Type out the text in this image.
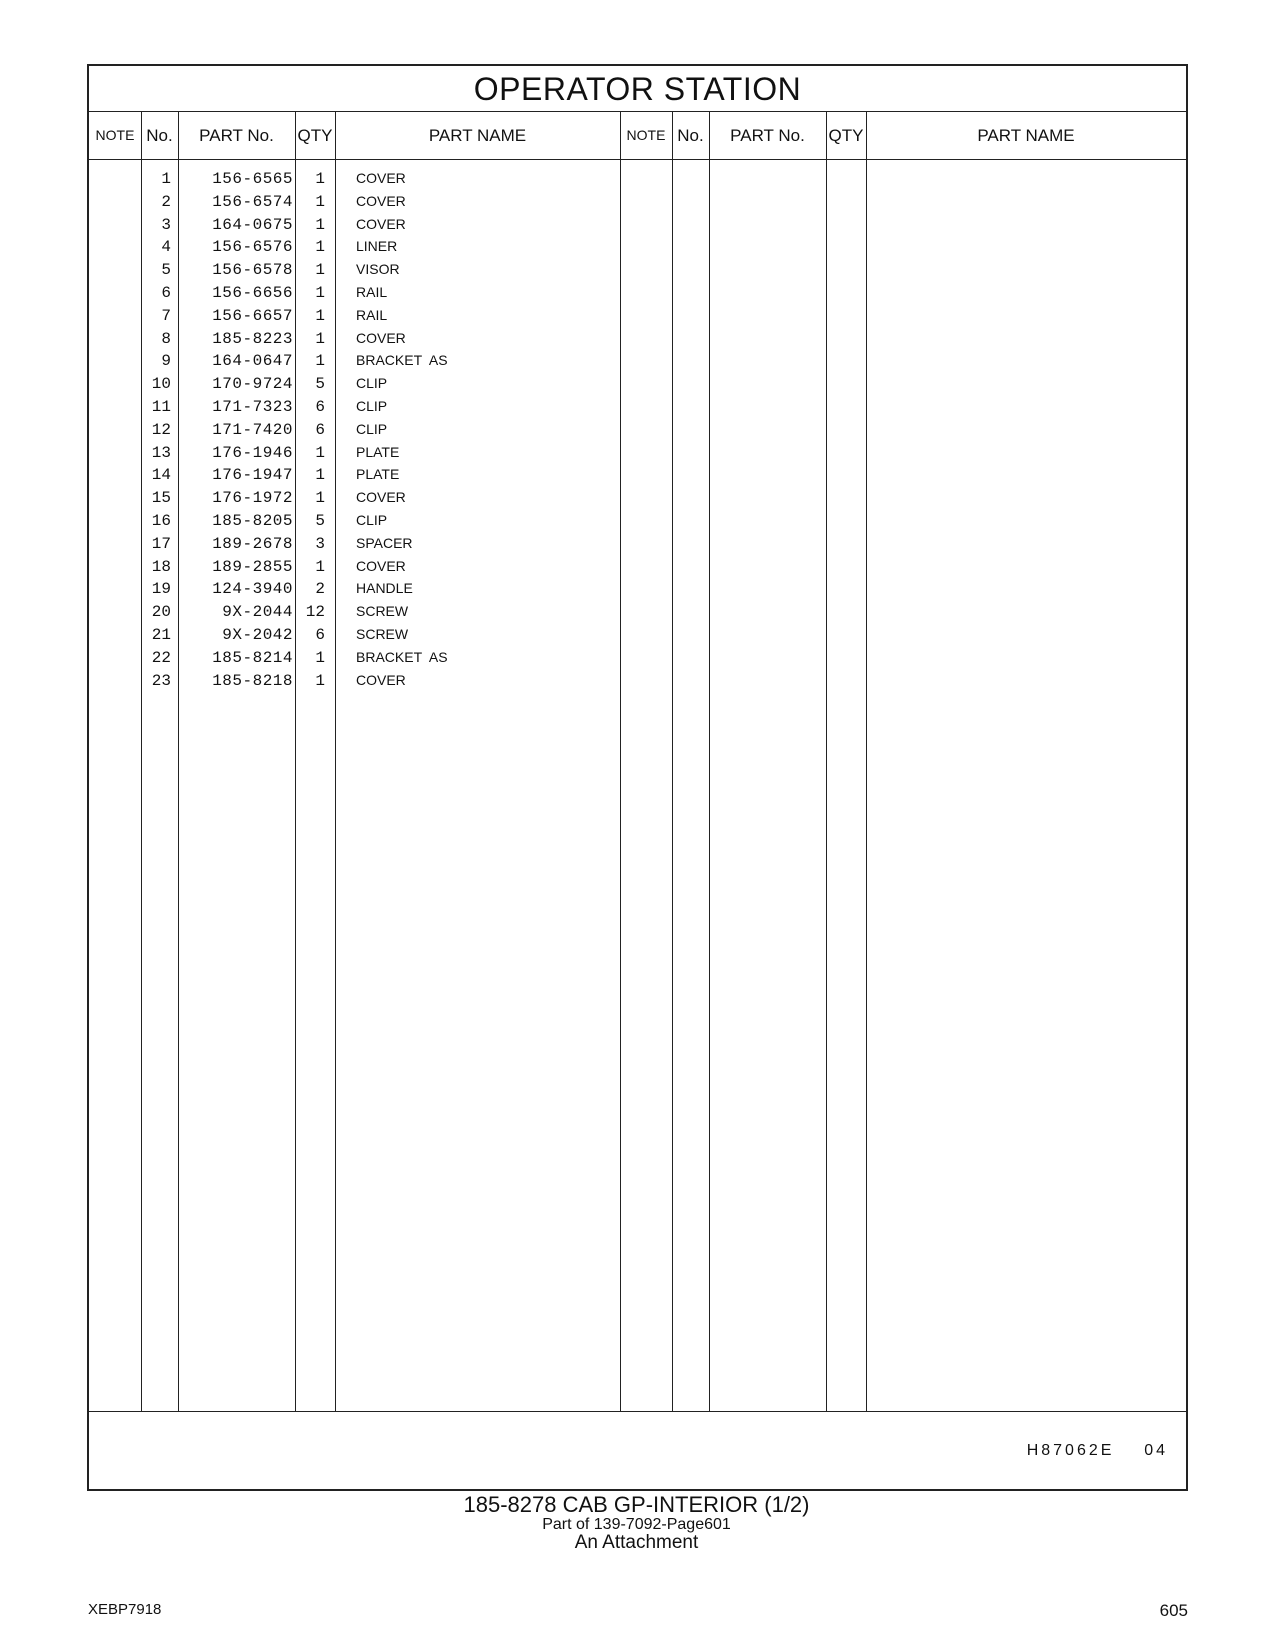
OPERATOR STATION
NOTE No.	PART No.	QTY	PART NAME	NOTE No.	PART No.	QTY	PART NAME
1	156-6565	1 COVER
2	156-6574	1 COVER
3	164-0675	1 COVER
4	156-6576	1 LINER
5	156-6578	1 VISOR
6	156-6656	1 RAIL
7	156-6657	1 RAIL
8	185-8223	1 COVER
9	164-0647	1 BRACKET  AS
10	170-9724	5 CLIP
11	171-7323	6 CLIP
12	171-7420	6 CLIP
13	176-1946	1 PLATE
14	176-1947	1 PLATE
15	176-1972	1 COVER
16	185-8205	5 CLIP
17	189-2678	3 SPACER
18	189-2855	1 COVER
19	124-3940	2 HANDLE
20	9X-2044 12 SCREW
21	9X-2042	6 SCREW
22	185-8214	1 BRACKET  AS
23	185-8218	1 COVER
H87062E    04
185-8278 CAB GP-INTERIOR (1/2)
Part of 139-7092-Page601
An Attachment
XEBP7918	605
